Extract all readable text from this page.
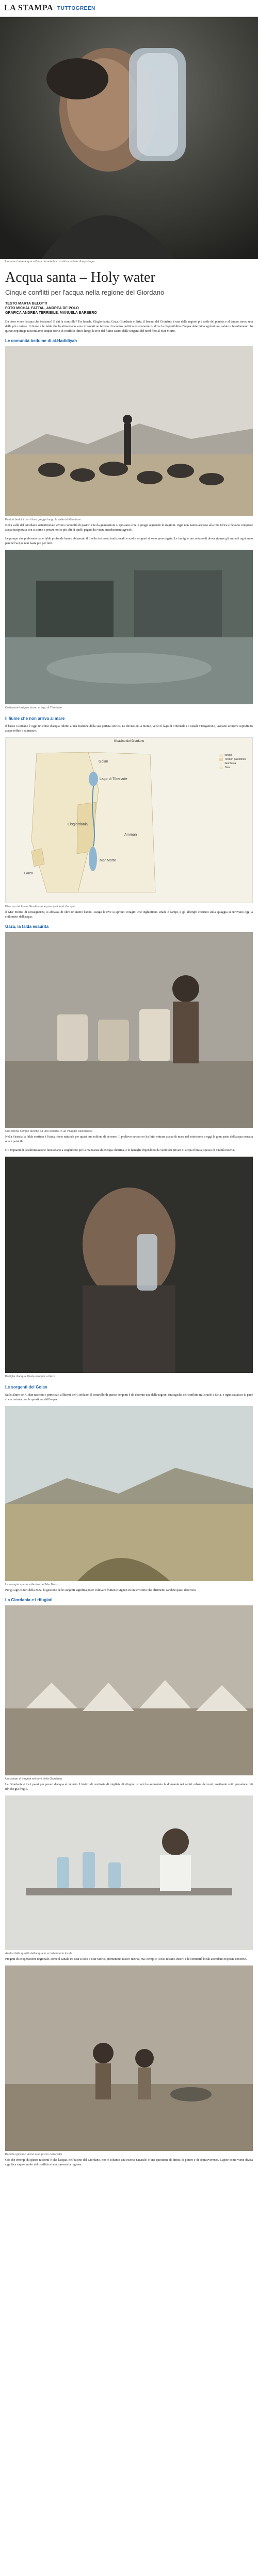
LA STAMPA TUTTOGREEN
Un uomo beve acqua a Gaza durante la crisi idrica — foto di reportage
Acqua santa – Holy water
Cinque conflitti per l'acqua nella regione del Giordano
TESTO MARTA BELOTTI
FOTO MICHAL FATTAL, ANDREA DE POLO
GRAFICA ANDREA TERRIBILE, MANUELA BARBERO

Da dove viene l'acqua che beviamo? E chi la controlla? Tra Israele, Cisgiordania, Gaza, Giordania e Siria, il bacino del Giordano è una delle regioni più aride del pianeta e al tempo stesso una delle più contese. Il fiume e le falde che lo alimentano sono diventati un terreno di scontro politico ed economico, dove la disponibilità d'acqua determina agricoltura, salute e insediamenti. In questo reportage raccontiamo cinque storie di conflitto idrico lungo le rive del fiume sacro, dalle sorgenti del nord fino al Mar Morto.

Le comunità beduine di al-Hadidiyah
Pastori beduini con il loro gregge lungo la valle del Giordano

Nella valle del Giordano settentrionale vivono comunità di pastori che da generazioni si spostano con le greggi seguendo le stagioni. Oggi non hanno accesso alla rete idrica e devono comprare acqua trasportata con cisterne a prezzi molto più alti di quelli pagati dai vicini insediamenti agricoli.

Le pompe che prelevano dalle falde profonde hanno abbassato il livello dei pozzi tradizionali, e molte sorgenti si sono prosciugate. Le famiglie raccontano di dover ridurre gli animali ogni anno perché l'acqua non basta più per tutti.

Coltivazioni irrigate vicino al lago di Tiberiade
Il fiume che non arriva al mare

Il basso Giordano è oggi un corso d'acqua ridotto a una frazione della sua portata storica. Le deviazioni a monte, verso il lago di Tiberiade e i canali d'irrigazione, lasciano scorrere soprattutto acque reflue e salmastre.

Il bacino del Giordano
Golan
Lago di Tiberiade
Cisgiordania
Gaza
Mar Morto
Amman
Israele
Territori palestinesi
Giordania
Siria
Il bacino del fiume Giordano e le principali fonti d'acqua

Il Mar Morto, di conseguenza, si abbassa di oltre un metro l'anno. Lungo le rive si aprono voragini che inghiottono strade e campi, e gli alberghi costruiti sulla spiaggia si ritrovano oggi a chilometri dall'acqua.

Gaza, la falda esaurita
Una donna riempie taniche da una cisterna in un villaggio palestinese

Nella Striscia la falda costiera è l'unica fonte naturale per quasi due milioni di persone. Il prelievo eccessivo ha fatto entrare acqua di mare nel sottosuolo e oggi la gran parte dell'acqua estratta non è potabile.

Gli impianti di desalinizzazione funzionano a singhiozzo per la mancanza di energia elettrica, e le famiglie dipendono da venditori privati di acqua filtrata, spesso di qualità incerta.

Bottiglie d'acqua filtrata vendute a Gaza
Le sorgenti del Golan

Sulle alture del Golan nascono i principali affluenti del Giordano. Il controllo di queste sorgenti è da decenni una delle ragioni strategiche del conflitto tra Israele e Siria, e ogni trattativa di pace si è scontrata con la questione dell'acqua.

Le voragini aperte sulle rive del Mar Morto

Per gli agricoltori della zona, la gestione delle sorgenti significa poter coltivare frutteti e vigneti in un territorio che altrimenti sarebbe quasi desertico.

La Giordania e i rifugiati
Un campo di rifugiati nel nord della Giordania

La Giordania è tra i paesi più poveri d'acqua al mondo. L'arrivo di centinaia di migliaia di rifugiati siriani ha aumentato la domanda nei centri urbani del nord, mettendo sotto pressione reti idriche già fragili.

Analisi della qualità dell'acqua in un laboratorio locale

Progetti di cooperazione regionale, come il canale tra Mar Rosso e Mar Morto, promettono nuove risorse, ma i tempi e i costi restano incerti e le comunità locali attendono risposte concrete.

Bambini giocano vicino a un pozzo nella valle

Ciò che emerge da questi racconti è che l'acqua, nel bacino del Giordano, non è soltanto una risorsa naturale: è una questione di diritti, di potere e di sopravvivenza. Capire come viene divisa significa capire molto del conflitto che attraversa la regione.
